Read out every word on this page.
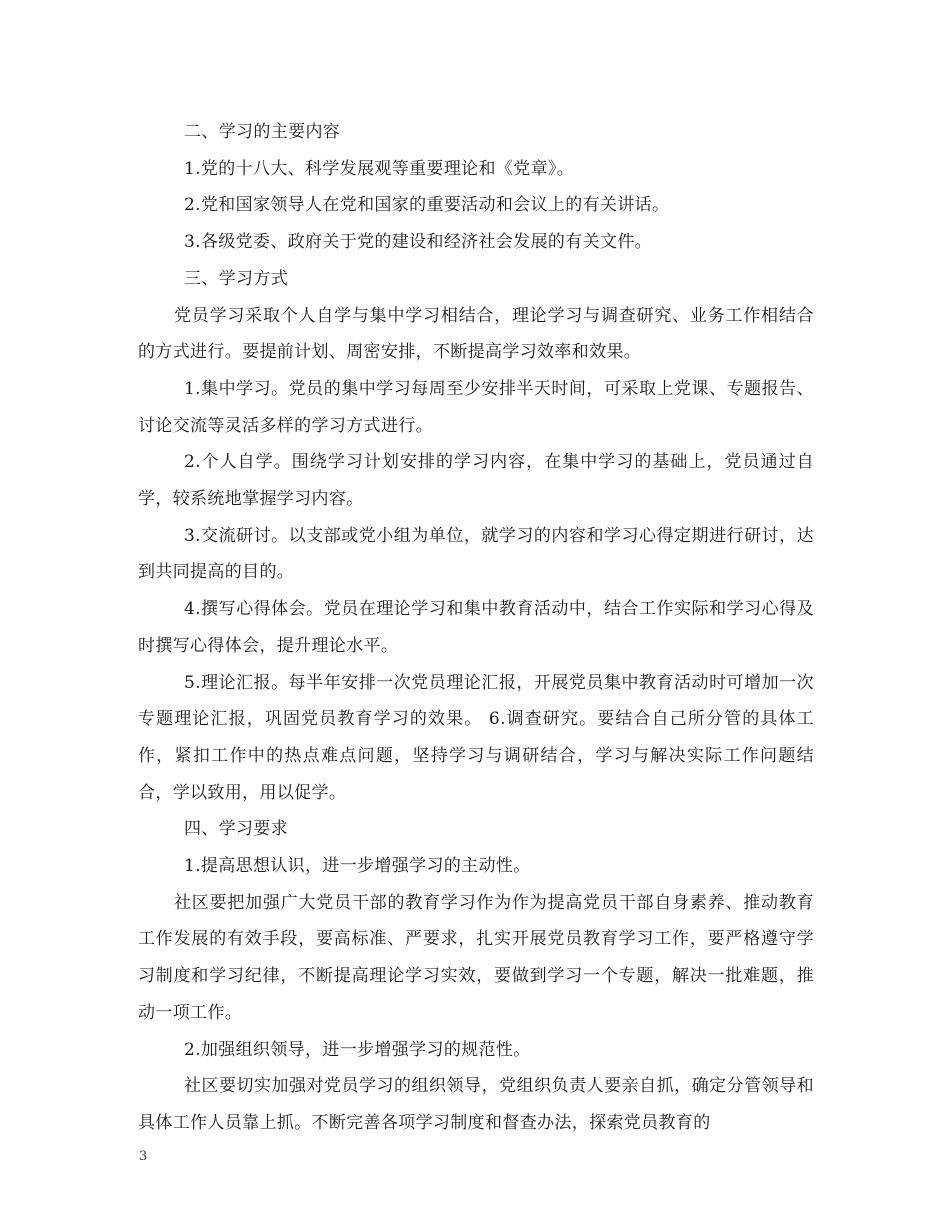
二、学习的主要内容

1.党的十八大、科学发展观等重要理论和《党章》。

2.党和国家领导人在党和国家的重要活动和会议上的有关讲话。

3.各级党委、政府关于党的建设和经济社会发展的有关文件。

三、学习方式

党员学习采取个人自学与集中学习相结合，理论学习与调查研究、业务工作相结合的方式进行。要提前计划、周密安排，不断提高学习效率和效果。

1.集中学习。党员的集中学习每周至少安排半天时间，可采取上党课、专题报告、讨论交流等灵活多样的学习方式进行。

2.个人自学。围绕学习计划安排的学习内容，在集中学习的基础上，党员通过自学，较系统地掌握学习内容。

3.交流研讨。以支部或党小组为单位，就学习的内容和学习心得定期进行研讨，达到共同提高的目的。

4.撰写心得体会。党员在理论学习和集中教育活动中，结合工作实际和学习心得及时撰写心得体会，提升理论水平。

5.理论汇报。每半年安排一次党员理论汇报，开展党员集中教育活动时可增加一次专题理论汇报，巩固党员教育学习的效果。 6.调查研究。要结合自己所分管的具体工作，紧扣工作中的热点难点问题，坚持学习与调研结合，学习与解决实际工作问题结合，学以致用，用以促学。

四、学习要求

1.提高思想认识，进一步增强学习的主动性。

社区要把加强广大党员干部的教育学习作为作为提高党员干部自身素养、推动教育工作发展的有效手段，要高标准、严要求，扎实开展党员教育学习工作，要严格遵守学习制度和学习纪律，不断提高理论学习实效，要做到学习一个专题，解决一批难题，推动一项工作。

2.加强组织领导，进一步增强学习的规范性。

社区要切实加强对党员学习的组织领导，党组织负责人要亲自抓，确定分管领导和具体工作人员靠上抓。不断完善各项学习制度和督查办法，探索党员教育的

3
